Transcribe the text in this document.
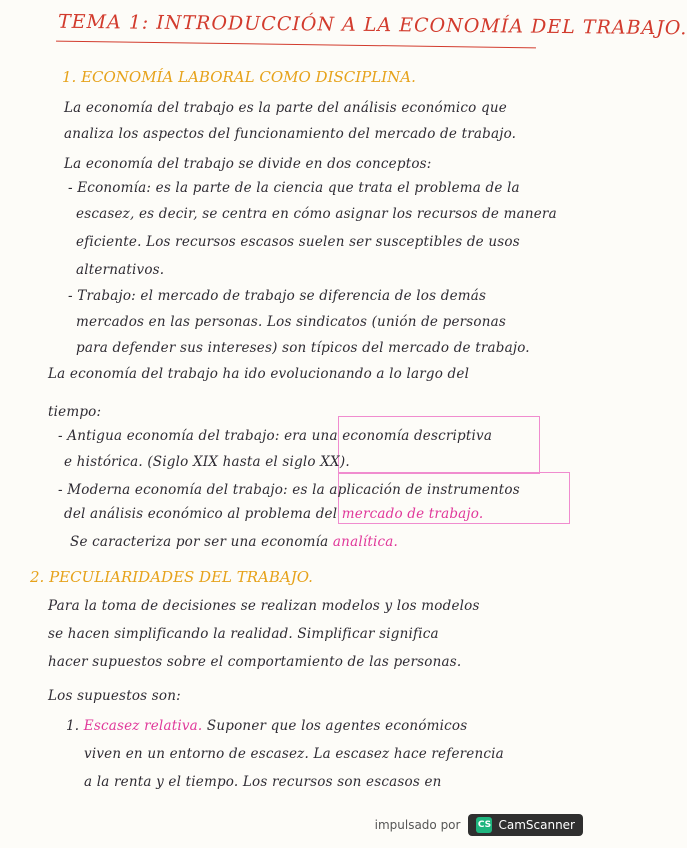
TEMA 1: INTRODUCCIÓN A LA ECONOMÍA DEL TRABAJO.
1. ECONOMÍA LABORAL COMO DISCIPLINA.
La economía del trabajo es la parte del análisis económico que
analiza los aspectos del funcionamiento del mercado de trabajo.
La economía del trabajo se divide en dos conceptos:
- Economía: es la parte de la ciencia que trata el problema de la
escasez, es decir, se centra en cómo asignar los recursos de manera
eficiente. Los recursos escasos suelen ser susceptibles de usos
alternativos.
- Trabajo: el mercado de trabajo se diferencia de los demás
mercados en las personas. Los sindicatos (unión de personas
para defender sus intereses) son típicos del mercado de trabajo.
La economía del trabajo ha ido evolucionando a lo largo del
tiempo:
- Antigua economía del trabajo: era una economía descriptiva
e histórica. (Siglo XIX hasta el siglo XX).
- Moderna economía del trabajo: es la aplicación de instrumentos
del análisis económico al problema del mercado de trabajo.
Se caracteriza por ser una economía analítica.
2. PECULIARIDADES DEL TRABAJO.
Para la toma de decisiones se realizan modelos y los modelos
se hacen simplificando la realidad. Simplificar significa
hacer supuestos sobre el comportamiento de las personas.
Los supuestos son:
1. Escasez relativa. Suponer que los agentes económicos
viven en un entorno de escasez. La escasez hace referencia
a la renta y el tiempo. Los recursos son escasos en
impulsado por CS CamScanner
